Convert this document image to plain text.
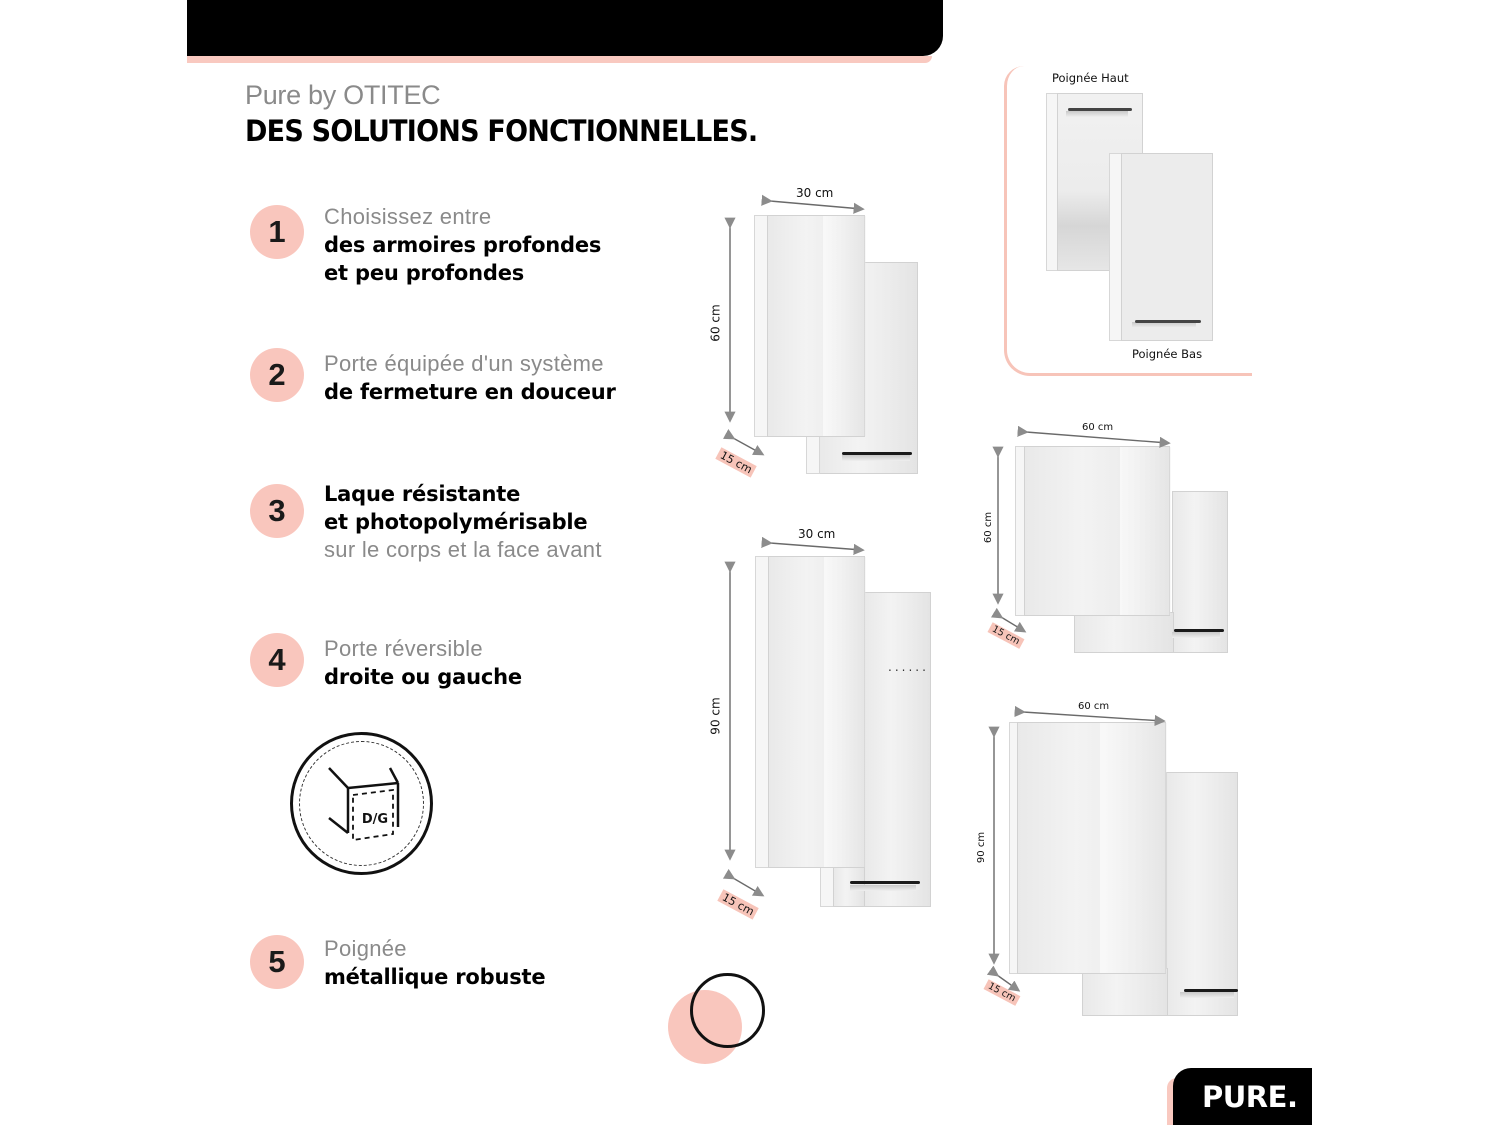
Pure by OTITEC
DES SOLUTIONS FONCTIONNELLES.
1	Choisissez entre
des armoires profondes
et peu profondes
2	Porte équipée d'un système
de fermeture en douceur
3	Laque résistante
et photopolymérisable
sur le corps et la face avant
4	Porte réversible
droite ou gauche
D/G
5	Poignée
métallique robuste
30 cm
60 cm
15 cm
30 cm
90 cm
15 cm
......
Poignée Haut
Poignée Bas
60 cm
60 cm
15 cm
60 cm
90 cm
15 cm
PURE.
